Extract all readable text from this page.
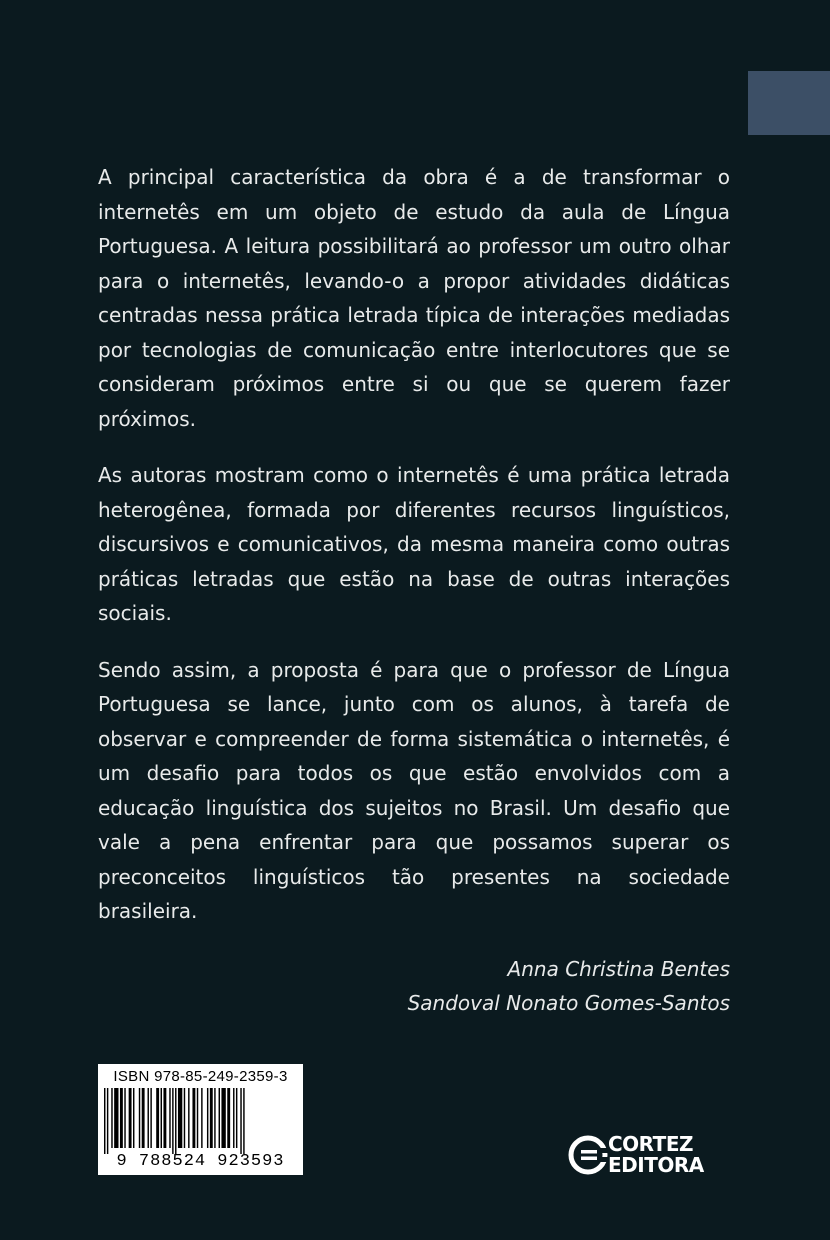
A principal característica da obra é a de transformar o internetês em um objeto de estudo da aula de Língua Portuguesa. A leitura possibilitará ao professor um outro olhar para o internetês, levando-o a propor atividades didáticas centradas nessa prática letrada típica de interações mediadas por tecnologias de comunicação entre interlocutores que se consideram próximos entre si ou que se querem fazer próximos.

As autoras mostram como o internetês é uma prática letrada heterogênea, formada por diferentes recursos linguísticos, discursivos e comunicativos, da mesma maneira como outras práticas letradas que estão na base de outras interações sociais.

Sendo assim, a proposta é para que o professor de Língua Portuguesa se lance, junto com os alunos, à tarefa de observar e compreender de forma sistemática o internetês, é um desafio para todos os que estão envolvidos com a educação linguística dos sujeitos no Brasil. Um desafio que vale a pena enfrentar para que possamos superar os preconceitos linguísticos tão presentes na sociedade brasileira.

Anna Christina Bentes
Sandoval Nonato Gomes-Santos
ISBN 978-85-249-2359-3
9 788524 923593
CORTEZ
EDITORA
